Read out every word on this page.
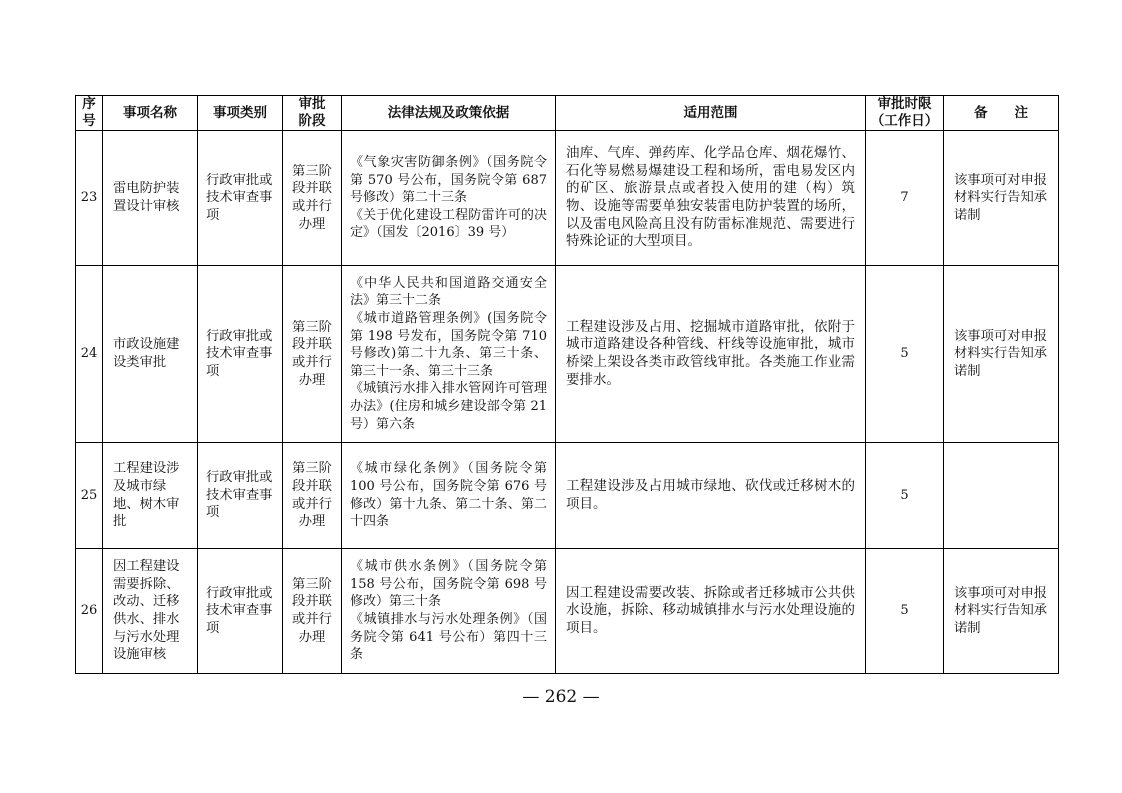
序
号	事项名称	事项类别	审批
阶段	法律法规及政策依据	适用范围	审批时限
（工作日）	备　　注
23	雷电防护装置设计审核	行政审批或技术审查事项	第三阶段并联或并行办理	《气象灾害防御条例》（国务院令第 570 号公布，国务院令第 687 号修改）第二十三条
《关于优化建设工程防雷许可的决定》（国发〔2016〕39 号）	油库、气库、弹药库、化学品仓库、烟花爆竹、石化等易燃易爆建设工程和场所，雷电易发区内的矿区、旅游景点或者投入使用的建（构）筑物、设施等需要单独安装雷电防护装置的场所，以及雷电风险高且没有防雷标准规范、需要进行特殊论证的大型项目。	7	该事项可对申报材料实行告知承诺制
24	市政设施建设类审批	行政审批或技术审查事项	第三阶段并联或并行办理	《中华人民共和国道路交通安全法》第三十二条
《城市道路管理条例》(国务院令第 198 号发布，国务院令第 710 号修改)第二十九条、第三十条、第三十一条、第三十三条
《城镇污水排入排水管网许可管理办法》(住房和城乡建设部令第 21 号）第六条	工程建设涉及占用、挖掘城市道路审批，依附于城市道路建设各种管线、杆线等设施审批，城市桥梁上架设各类市政管线审批。各类施工作业需要排水。	5	该事项可对申报材料实行告知承诺制
25	工程建设涉及城市绿地、树木审批	行政审批或技术审查事项	第三阶段并联或并行办理	《城市绿化条例》（国务院令第 100 号公布，国务院令第 676 号修改）第十九条、第二十条、第二十四条	工程建设涉及占用城市绿地、砍伐或迁移树木的项目。	5	
26	因工程建设需要拆除、改动、迁移供水、排水与污水处理设施审核	行政审批或技术审查事项	第三阶段并联或并行办理	《城市供水条例》（国务院令第 158 号公布，国务院令第 698 号修改）第三十条
《城镇排水与污水处理条例》（国务院令第 641 号公布）第四十三条	因工程建设需要改装、拆除或者迁移城市公共供水设施，拆除、移动城镇排水与污水处理设施的项目。	5	该事项可对申报材料实行告知承诺制
— 262 —
